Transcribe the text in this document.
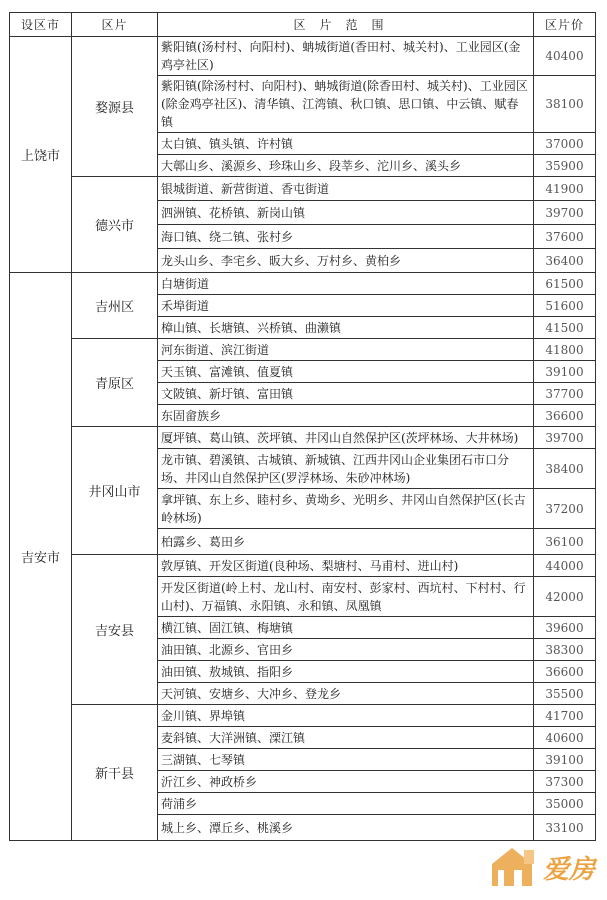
设区市	区片	区片范围	区片价
上饶市	婺源县	紫阳镇(汤村村、向阳村)、蚺城街道(香田村、城关村)、工业园区(金鸡亭社区)	40400
		紫阳镇(除汤村村、向阳村)、蚺城街道(除香田村、城关村)、工业园区(除金鸡亭社区)、清华镇、江湾镇、秋口镇、思口镇、中云镇、赋春镇	38100
		太白镇、镇头镇、许村镇	37000
		大鄣山乡、溪源乡、珍珠山乡、段莘乡、沱川乡、溪头乡	35900
	德兴市	银城街道、新营街道、香屯街道	41900
		泗洲镇、花桥镇、新岗山镇	39700
		海口镇、绕二镇、张村乡	37600
		龙头山乡、李宅乡、昄大乡、万村乡、黄柏乡	36400
吉安市	吉州区	白塘街道	61500
		禾埠街道	51600
		樟山镇、长塘镇、兴桥镇、曲濑镇	41500
	青原区	河东街道、滨江街道	41800
		天玉镇、富滩镇、值夏镇	39100
		文陂镇、新圩镇、富田镇	37700
		东固畲族乡	36600
	井冈山市	厦坪镇、葛山镇、茨坪镇、井冈山自然保护区(茨坪林场、大井林场)	39700
		龙市镇、碧溪镇、古城镇、新城镇、江西井冈山企业集团石市口分场、井冈山自然保护区(罗浮林场、朱砂冲林场)	38400
		拿坪镇、东上乡、睦村乡、黄坳乡、光明乡、井冈山自然保护区(长古岭林场)	37200
		柏露乡、葛田乡	36100
	吉安县	敦厚镇、开发区街道(良种场、梨塘村、马甫村、迸山村)	44000
		开发区街道(岭上村、龙山村、南安村、彭家村、西坑村、下村村、行山村)、万福镇、永阳镇、永和镇、凤凰镇	42000
		横江镇、固江镇、梅塘镇	39600
		油田镇、北源乡、官田乡	38300
		油田镇、敖城镇、指阳乡	36600
		天河镇、安塘乡、大冲乡、登龙乡	35500
	新干县	金川镇、界埠镇	41700
		麦斜镇、大洋洲镇、溧江镇	40600
		三湖镇、七琴镇	39100
		沂江乡、神政桥乡	37300
		荷浦乡	35000
		城上乡、潭丘乡、桃溪乡	33100
爱房
